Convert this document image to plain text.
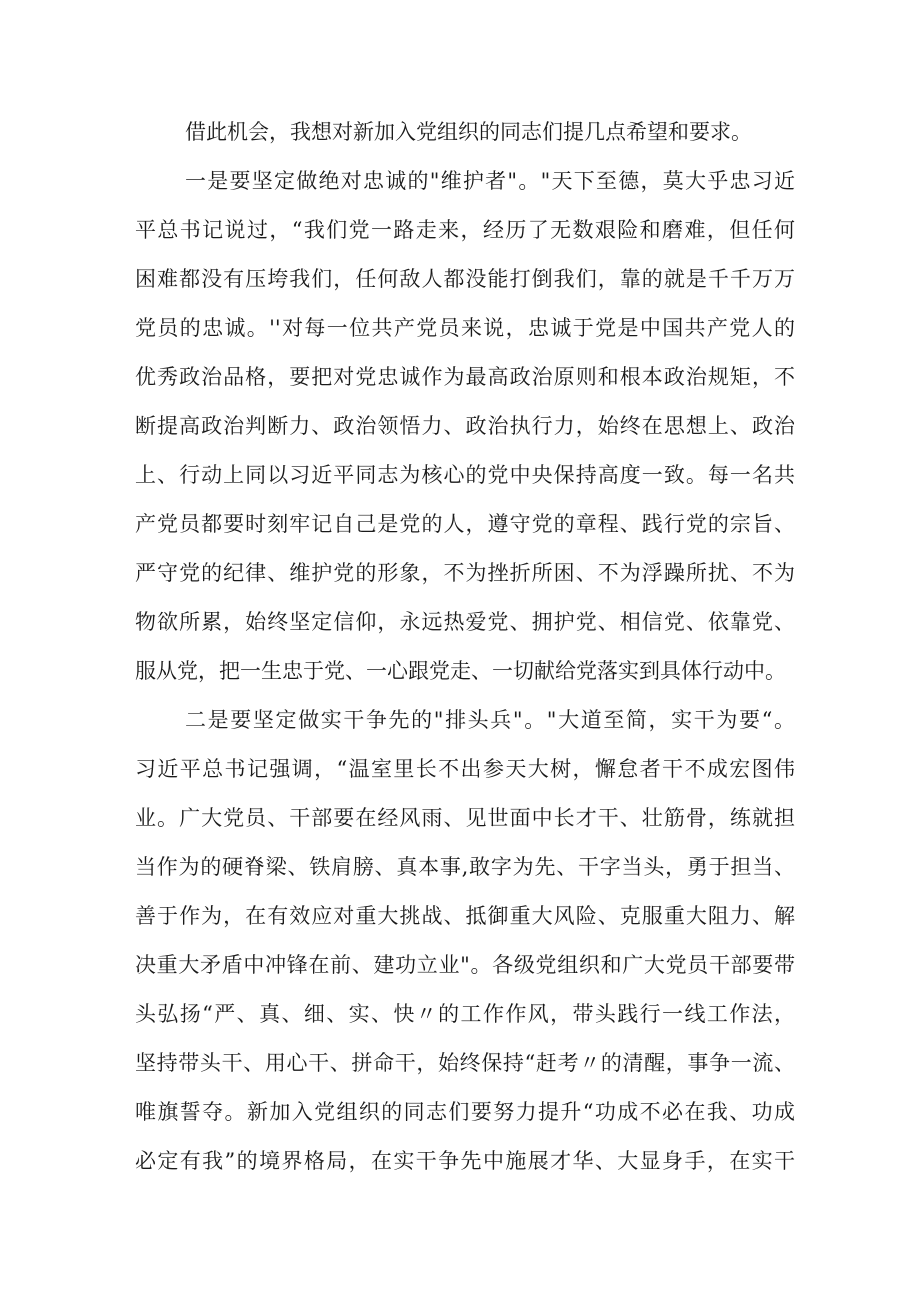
借此机会，我想对新加入党组织的同志们提几点希望和要求。
一是要坚定做绝对忠诚的"维护者"。"天下至德，莫大乎忠习近
平总书记说过，“我们党一路走来，经历了无数艰险和磨难，但任何
困难都没有压垮我们，任何敌人都没能打倒我们，靠的就是千千万万
党员的忠诚。''对每一位共产党员来说，忠诚于党是中国共产党人的
优秀政治品格，要把对党忠诚作为最高政治原则和根本政治规矩，不
断提高政治判断力、政治领悟力、政治执行力，始终在思想上、政治
上、行动上同以习近平同志为核心的党中央保持高度一致。每一名共
产党员都要时刻牢记自己是党的人，遵守党的章程、践行党的宗旨、
严守党的纪律、维护党的形象，不为挫折所困、不为浮躁所扰、不为
物欲所累，始终坚定信仰，永远热爱党、拥护党、相信党、依靠党、
服从党，把一生忠于党、一心跟党走、一切献给党落实到具体行动中。
二是要坚定做实干争先的"排头兵"。"大道至简，实干为要“。
习近平总书记强调，“温室里长不出参天大树，懈怠者干不成宏图伟
业。广大党员、干部要在经风雨、见世面中长才干、壮筋骨，练就担
当作为的硬脊梁、铁肩膀、真本事,敢字为先、干字当头，勇于担当、
善于作为，在有效应对重大挑战、抵御重大风险、克服重大阻力、解
决重大矛盾中冲锋在前、建功立业"。各级党组织和广大党员干部要带
头弘扬“严、真、细、实、快〃的工作作风，带头践行一线工作法，
坚持带头干、用心干、拼命干，始终保持“赶考〃的清醒，事争一流、
唯旗誓夺。新加入党组织的同志们要努力提升“功成不必在我、功成
必定有我”的境界格局，在实干争先中施展才华、大显身手，在实干
